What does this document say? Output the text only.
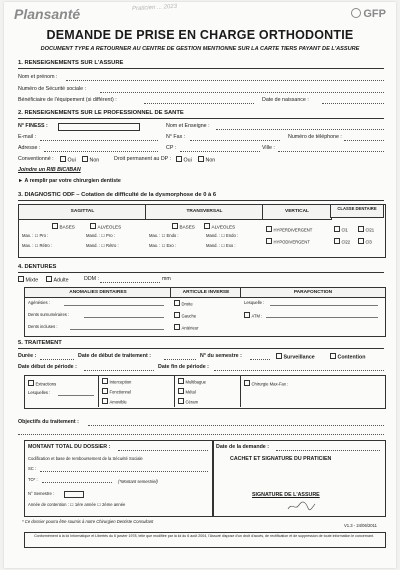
Plansanté	GFP
Praticien ... 2023
DEMANDE DE PRISE EN CHARGE ORTHODONTIE
DOCUMENT TYPE A RETOURNER AU CENTRE DE GESTION MENTIONNE SUR LA CARTE TIERS PAYANT DE L'ASSURE
1. RENSEIGNEMENTS SUR L'ASSURE
Nom et prénom :
Numéro de Sécurité sociale :
Bénéficiaire de l'équipement (si différent) :	Date de naissance :
2. RENSEIGNEMENTS SUR LE PROFESSIONNEL DE SANTE
N° FINESS :	Nom et Enseigne :
E-mail :	N° Fax :	Numéro de téléphone :
Adresse :	CP :	Ville :
Conventionné :	Oui	Non	Droit permanent au DP :	Oui	Non
Joindre un RIB BIC/IBAN
► A remplir par votre chirurgien dentiste
3. DIAGNOSTIC ODF – Cotation de difficulté de la dysmorphose de 0 à 6
SAGITTAL	TRANSVERSAL	VERTICAL
CLASSE DENTAIRE
BASES	ALVEOLES
Max. : ☐ Pro :	Mand. : ☐ Pro :
Max. : ☐ Rétro :	Mand. : ☐ Rétro :
BASES	ALVEOLES
Max. : ☐ Endo :	Mand. : ☐ Endo :
Max. : ☐ Exo :	Mand. : ☐ Exo :
HYPERDIVERGENT
HYPODIVERGENT
Cl1	Cl21
Cl22	Cl3
4. DENTURES
Mixte	Adulte	DDM :	mm
ANOMALIES DENTAIRES	ARTICULE INVERSE	PARAFONCTION
Agénésies :
Dents surnuméraires :
Dents incluses :
Droite
Gauche
Antérieur
Lesquelle :
ATM :
5. TRAITEMENT
Durée :	Date de début de traitement :	N° du semestre :	Surveillance	Contention
Date début de période :	Date fin de période :
Extractions
Lesquelles :
Interception
Fonctionnel
Amovible
Multibague
Métal
Céram
Chirurgie Max-Fax :
Objectifs du traitement :
MONTANT TOTAL DU DOSSIER :
Codification et base de remboursement de la Sécurité Sociale
SC :
TO* :	(*Montant semestriel)
N° Semestre :
Année de contention : ☐ 1ère année ☐ 2ème année
Date de la demande :
CACHET ET SIGNATURE DU PRATICIEN
SIGNATURE DE L'ASSURE
* Ce dossier pourra être soumis à notre Chirurgien Dentiste Consultant
V1.3 - 24/06/2011
Conformément à la loi Informatique et Libertés du 6 janvier 1978, telle que modifiée par la loi du 6 août 2004, l'Assuré dispose d'un droit d'accès, de rectification et de suppression de toute information le concernant.
